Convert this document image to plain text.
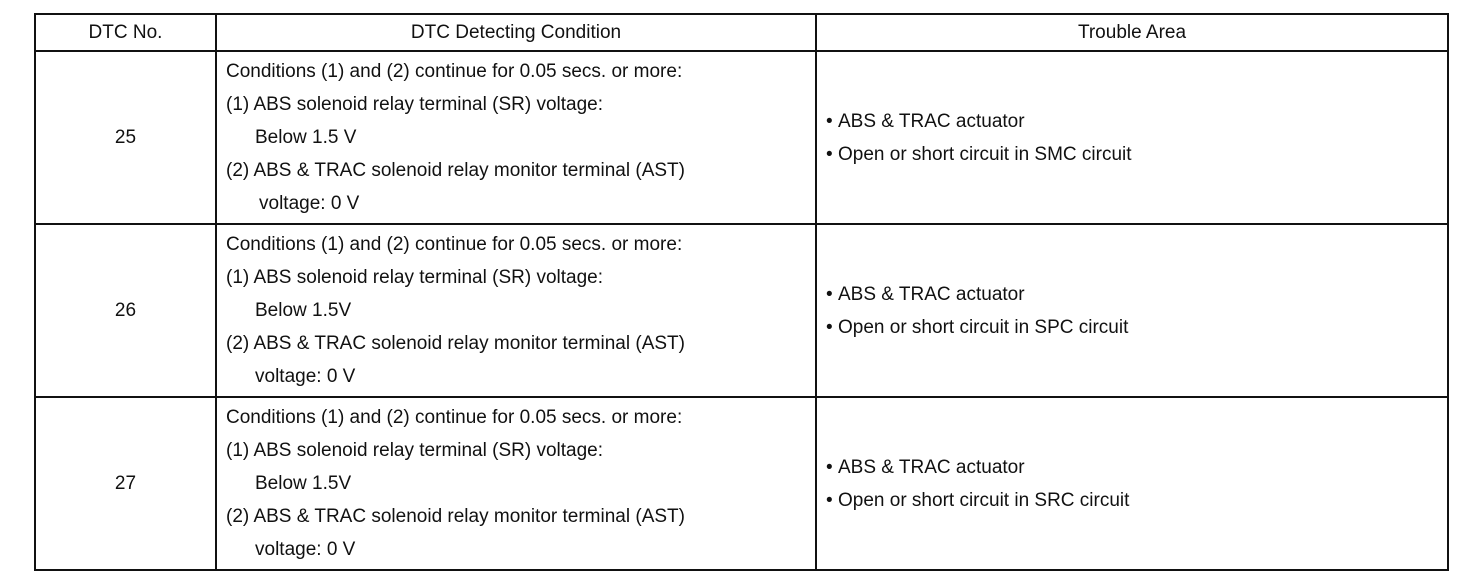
DTC No.	DTC Detecting Condition	Trouble Area
25	Conditions (1) and (2) continue for 0.05 secs. or more:
(1) ABS solenoid relay terminal (SR) voltage:
Below 1.5 V
(2) ABS & TRAC solenoid relay monitor terminal (AST)
voltage: 0 V	• ABS & TRAC actuator
• Open or short circuit in SMC circuit

26	Conditions (1) and (2) continue for 0.05 secs. or more:
(1) ABS solenoid relay terminal (SR) voltage:
Below 1.5V
(2) ABS & TRAC solenoid relay monitor terminal (AST)
voltage: 0 V	• ABS & TRAC actuator
• Open or short circuit in SPC circuit

27	Conditions (1) and (2) continue for 0.05 secs. or more:
(1) ABS solenoid relay terminal (SR) voltage:
Below 1.5V
(2) ABS & TRAC solenoid relay monitor terminal (AST)
voltage: 0 V	• ABS & TRAC actuator
• Open or short circuit in SRC circuit
